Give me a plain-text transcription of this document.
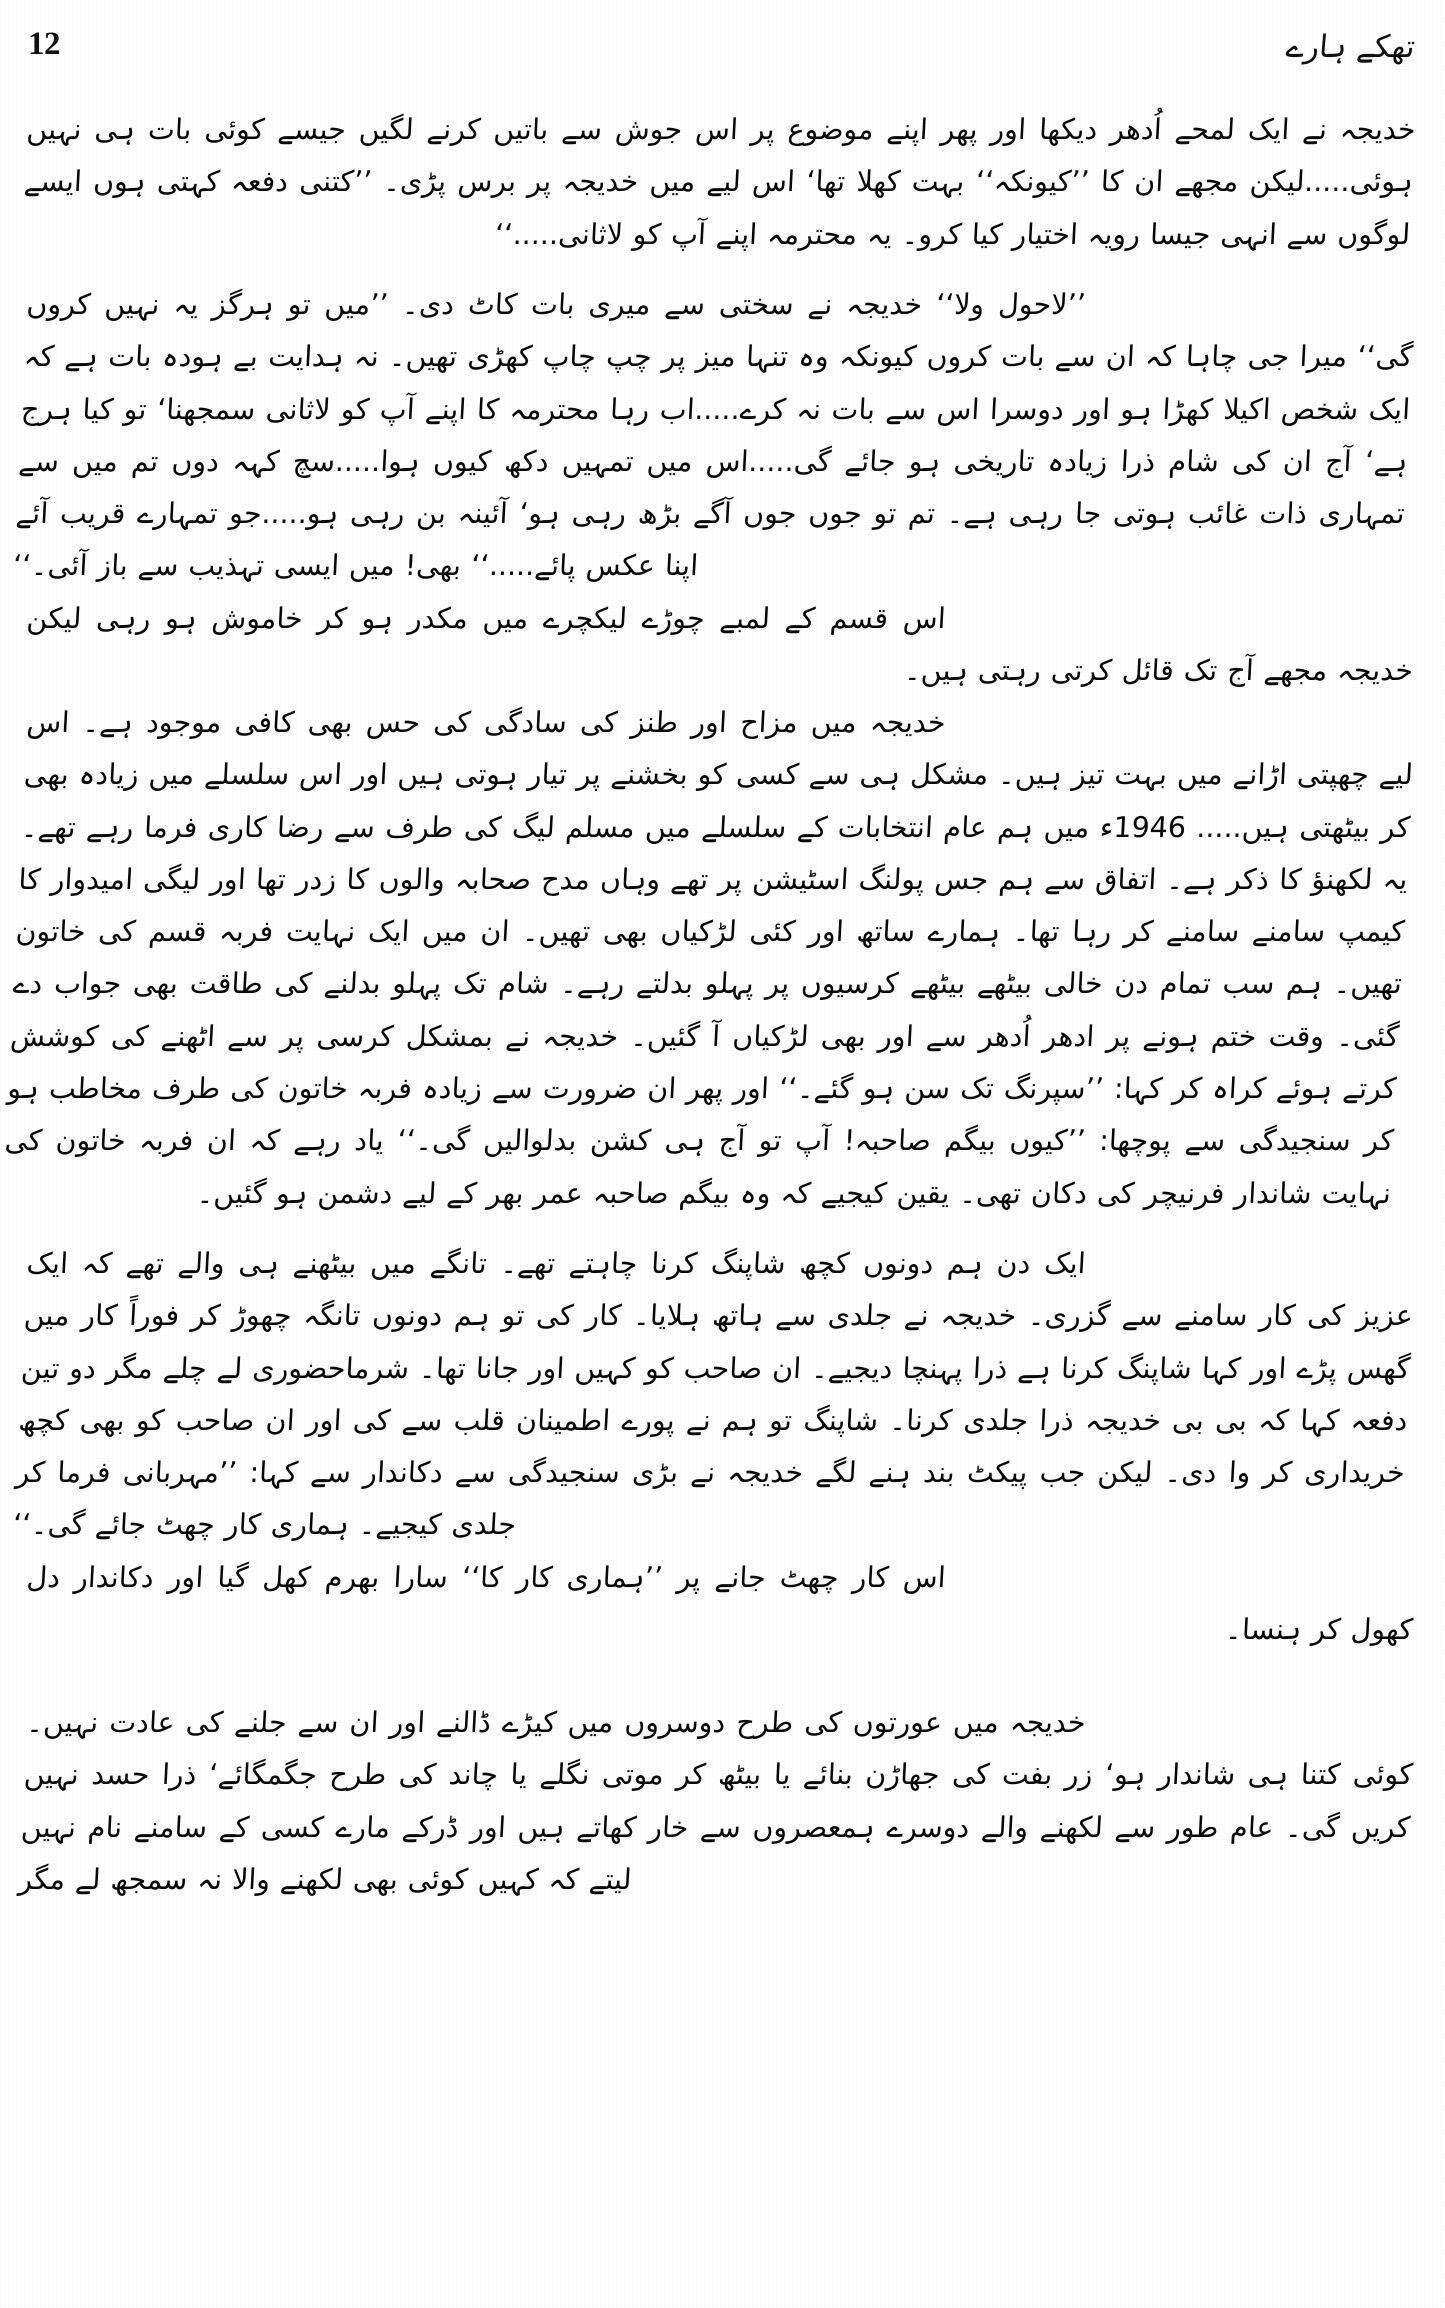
تھکے ہارے
12

خدیجہ نے ایک لمحے اُدھر دیکھا اور پھر اپنے موضوع پر اس جوش سے باتیں کرنے لگیں جیسے کوئی بات ہی نہیں ہوئی.....لیکن مجھے ان کا ’’کیونکہ‘‘ بہت کھلا تھا‘ اس لیے میں خدیجہ پر برس پڑی۔ ’’کتنی دفعہ کہتی ہوں ایسے لوگوں سے انہی جیسا رویہ اختیار کیا کرو۔ یہ محترمہ اپنے آپ کو لاثانی.....‘‘

’’لاحول ولا‘‘ خدیجہ نے سختی سے میری بات کاٹ دی۔ ’’میں تو ہرگز یہ نہیں کروں گی‘‘ میرا جی چاہا کہ ان سے بات کروں کیونکہ وہ تنہا میز پر چپ چاپ کھڑی تھیں۔ نہ ہدایت بے ہودہ بات ہے کہ ایک شخص اکیلا کھڑا ہو اور دوسرا اس سے بات نہ کرے.....اب رہا محترمہ کا اپنے آپ کو لاثانی سمجھنا‘ تو کیا ہرج ہے‘ آج ان کی شام ذرا زیادہ تاریخی ہو جائے گی.....اس میں تمہیں دکھ کیوں ہوا.....سچ کہہ دوں تم میں سے تمہاری ذات غائب ہوتی جا رہی ہے۔ تم تو جوں جوں آگے بڑھ رہی ہو‘ آئینہ بن رہی ہو.....جو تمہارے قریب آئے اپنا عکس پائے.....‘‘ بھی! میں ایسی تہذیب سے باز آئی۔‘‘

اس قسم کے لمبے چوڑے لیکچرے میں مکدر ہو کر خاموش ہو رہی لیکن خدیجہ مجھے آج تک قائل کرتی رہتی ہیں۔

خدیجہ میں مزاح اور طنز کی سادگی کی حس بھی کافی موجود ہے۔ اس لیے چھپتی اڑانے میں بہت تیز ہیں۔ مشکل ہی سے کسی کو بخشنے پر تیار ہوتی ہیں اور اس سلسلے میں زیادہ بھی کر بیٹھتی ہیں..... 1946ء میں ہم عام انتخابات کے سلسلے میں مسلم لیگ کی طرف سے رضا کاری فرما رہے تھے۔ یہ لکھنؤ کا ذکر ہے۔ اتفاق سے ہم جس پولنگ اسٹیشن پر تھے وہاں مدح صحابہ والوں کا زدر تھا اور لیگی امیدوار کا کیمپ سامنے سامنے کر رہا تھا۔ ہمارے ساتھ اور کئی لڑکیاں بھی تھیں۔ ان میں ایک نہایت فربہ قسم کی خاتون تھیں۔ ہم سب تمام دن خالی بیٹھے بیٹھے کرسیوں پر پہلو بدلتے رہے۔ شام تک پہلو بدلنے کی طاقت بھی جواب دے گئی۔ وقت ختم ہونے پر ادھر اُدھر سے اور بھی لڑکیاں آ گئیں۔ خدیجہ نے بمشکل کرسی پر سے اٹھنے کی کوشش کرتے ہوئے کراہ کر کہا: ’’سپرنگ تک سن ہو گئے۔‘‘ اور پھر ان ضرورت سے زیادہ فربہ خاتون کی طرف مخاطب ہو کر سنجیدگی سے پوچھا: ’’کیوں بیگم صاحبہ! آپ تو آج ہی کشن بدلوالیں گی۔‘‘ یاد رہے کہ ان فربہ خاتون کی نہایت شاندار فرنیچر کی دکان تھی۔ یقین کیجیے کہ وہ بیگم صاحبہ عمر بھر کے لیے دشمن ہو گئیں۔

ایک دن ہم دونوں کچھ شاپنگ کرنا چاہتے تھے۔ تانگے میں بیٹھنے ہی والے تھے کہ ایک عزیز کی کار سامنے سے گزری۔ خدیجہ نے جلدی سے ہاتھ ہلایا۔ کار کی تو ہم دونوں تانگہ چھوڑ کر فوراً کار میں گھس پڑے اور کہا شاپنگ کرنا ہے ذرا پہنچا دیجیے۔ ان صاحب کو کہیں اور جانا تھا۔ شرماحضوری لے چلے مگر دو تین دفعہ کہا کہ بی بی خدیجہ ذرا جلدی کرنا۔ شاپنگ تو ہم نے پورے اطمینان قلب سے کی اور ان صاحب کو بھی کچھ خریداری کر وا دی۔ لیکن جب پیکٹ بند ہنے لگے خدیجہ نے بڑی سنجیدگی سے دکاندار سے کہا: ’’مہربانی فرما کر جلدی کیجیے۔ ہماری کار چھٹ جائے گی۔‘‘

اس کار چھٹ جانے پر ’’ہماری کار کا‘‘ سارا بھرم کھل گیا اور دکاندار دل کھول کر ہنسا۔

خدیجہ میں عورتوں کی طرح دوسروں میں کیڑے ڈالنے اور ان سے جلنے کی عادت نہیں۔ کوئی کتنا ہی شاندار ہو‘ زر بفت کی جھاڑن بنائے یا بیٹھ کر موتی نگلے یا چاند کی طرح جگمگائے‘ ذرا حسد نہیں کریں گی۔ عام طور سے لکھنے والے دوسرے ہمعصروں سے خار کھاتے ہیں اور ڈرکے مارے کسی کے سامنے نام نہیں لیتے کہ کہیں کوئی بھی لکھنے والا نہ سمجھ لے مگر
